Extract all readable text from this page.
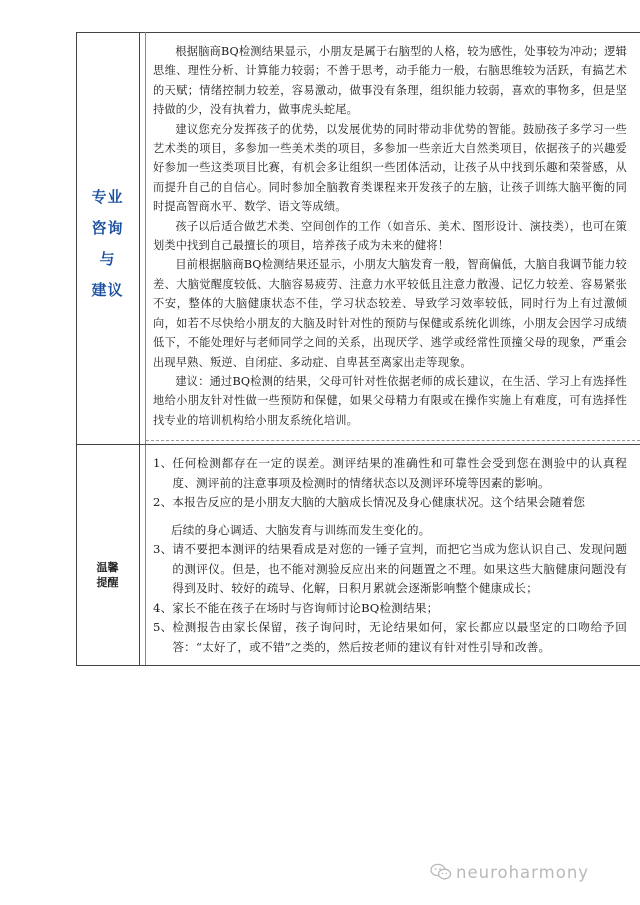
专业
咨询
与
建议

根据脑商BQ检测结果显示，小朋友是属于右脑型的人格，较为感性，处事较为冲动；逻辑思维、理性分析、计算能力较弱；不善于思考，动手能力一般，右脑思维较为活跃，有搞艺术的天赋；情绪控制力较差，容易激动，做事没有条理，组织能力较弱，喜欢的事物多，但是坚持做的少，没有执着力，做事虎头蛇尾。

建议您充分发挥孩子的优势，以发展优势的同时带动非优势的智能。鼓励孩子多学习一些艺术类的项目，多参加一些美术类的项目，多参加一些亲近大自然类项目，依据孩子的兴趣爱好参加一些这类项目比赛，有机会多让组织一些团体活动，让孩子从中找到乐趣和荣誉感，从而提升自己的自信心。同时参加全脑教育类课程来开发孩子的左脑，让孩子训练大脑平衡的同时提高智商水平、数学、语文等成绩。

孩子以后适合做艺术类、空间创作的工作（如音乐、美术、图形设计、演技类），也可在策划类中找到自己最擅长的项目，培养孩子成为未来的健将！

目前根据脑商BQ检测结果还显示，小朋友大脑发育一般，智商偏低，大脑自我调节能力较差、大脑觉醒度较低、大脑容易疲劳、注意力水平较低且注意力散漫、记忆力较差、容易紧张不安，整体的大脑健康状态不佳，学习状态较差、导致学习效率较低，同时行为上有过激倾向，如若不尽快给小朋友的大脑及时针对性的预防与保健或系统化训练，小朋友会因学习成绩低下，不能处理好与老师同学之间的关系，出现厌学、逃学或经常性顶撞父母的现象，严重会出现早熟、叛逆、自闭症、多动症、自卑甚至离家出走等现象。

建议：通过BQ检测的结果，父母可针对性依据老师的成长建议，在生活、学习上有选择性地给小朋友针对性做一些预防和保健，如果父母精力有限或在操作实施上有难度，可有选择性找专业的培训机构给小朋友系统化培训。

温馨
提醒
1、 任何检测都存在一定的误差。测评结果的准确性和可靠性会受到您在测验中的认真程度、测评前的注意事项及检测时的情绪状态以及测评环境等因素的影响。
2、 本报告反应的是小朋友大脑的大脑成长情况及身心健康状况。这个结果会随着您
后续的身心调适、大脑发育与训练而发生变化的。
3、 请不要把本测评的结果看成是对您的一锤子宣判，而把它当成为您认识自己、发现问题的测评仪。但是，也不能对测验反应出来的问题置之不理。如果这些大脑健康问题没有得到及时、较好的疏导、化解，日积月累就会逐渐影响整个健康成长；
4、 家长不能在孩子在场时与咨询师讨论BQ检测结果；
5、 检测报告由家长保留，孩子询问时，无论结果如何，家长都应以最坚定的口吻给予回答：“太好了，或不错”之类的，然后按老师的建议有针对性引导和改善。
neuroharmony
